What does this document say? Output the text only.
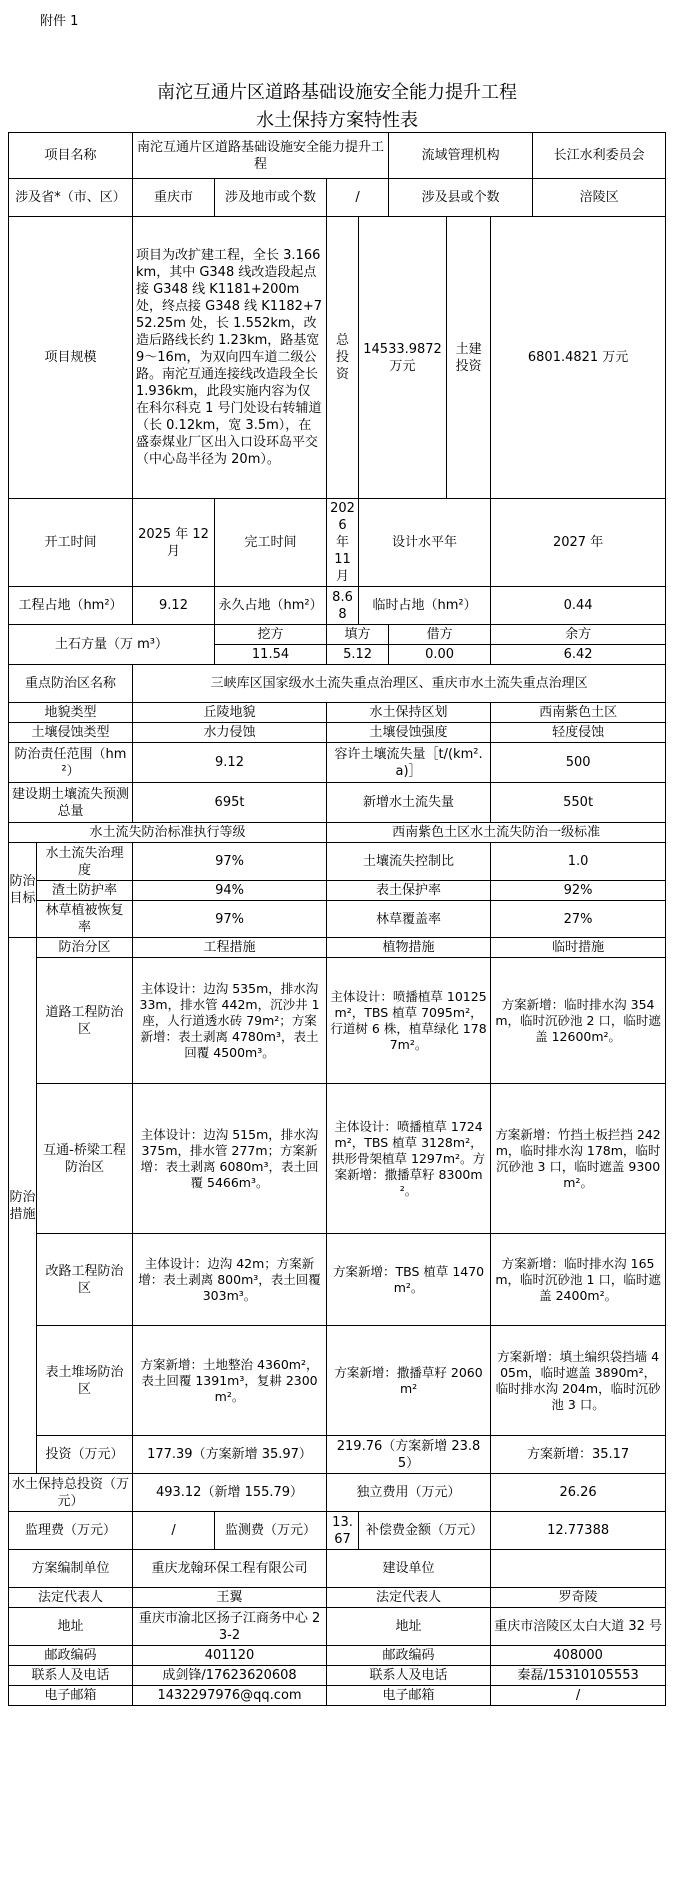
附件 1
南沱互通片区道路基础设施安全能力提升工程
水土保持方案特性表
项目名称		南沱互通片区道路基础设施安全能力提升工程				流域管理机构			长江水利委员会
涉及省*（市、区）		重庆市	涉及地市或个数	/		涉及县或个数			涪陵区
项目规模		项目为改扩建工程，全长 3.166km，其中 G348 线改造段起点接 G348 线 K1181+200m 处，终点接 G348 线 K1182+752.25m 处，长 1.552km，改造后路线长约 1.23km，路基宽 9～16m，为双向四车道二级公路。南沱互通连接线改造段全长 1.936km，此段实施内容为仅在科尔科克 1 号门处设右转辅道（长 0.12km，宽 3.5m），在盛泰煤业厂区出入口设环岛平交（中心岛半径为 20m）。		总投资	14533.9872 万元		土建投资	6801.4821 万元	
开工时间		2025 年 12 月	完工时间	2026 年 11 月	设计水平年			2027 年	
工程占地（hm²）		9.12	永久占地（hm²）	8.68	临时占地（hm²）			0.44	
土石方量（万 m³）			挖方	填方		借方		余方	
			11.54	5.12		0.00		6.42	
重点防治区名称		三峡库区国家级水土流失重点治理区、重庆市水土流失重点治理区							
地貌类型		丘陵地貌		水土保持区划				西南紫色土区	
土壤侵蚀类型		水力侵蚀		土壤侵蚀强度				轻度侵蚀	
防治责任范围（hm²）		9.12		容许土壤流失量［t/(km².a)］				500	
建设期土壤流失预测总量		695t		新增水土流失量				550t	
水土流失防治标准执行等级				西南紫色土区水土流失防治一级标准					
防治目标	水土流失治理度	97%		土壤流失控制比				1.0	
	渣土防护率	94%		表土保护率				92%	
	林草植被恢复率	97%		林草覆盖率				27%	
防治措施	防治分区	工程措施		植物措施				临时措施	
	道路工程防治区	主体设计：边沟 535m，排水沟 33m，排水管 442m，沉沙井 1 座，人行道透水砖 79m²；方案新增：表土剥离 4780m³，表土回覆 4500m³。		主体设计：喷播植草 10125m²，TBS 植草 7095m²，行道树 6 株，植草绿化 1787m²。				方案新增：临时排水沟 354m，临时沉砂池 2 口，临时遮盖 12600m²。	
	互通-桥梁工程防治区	主体设计：边沟 515m，排水沟 375m，排水管 277m；方案新增：表土剥离 6080m³，表土回覆 5466m³。		主体设计：喷播植草 1724m²，TBS 植草 3128m²，拱形骨架植草 1297m²。方案新增：撒播草籽 8300m²。				方案新增：竹挡土板拦挡 242m，临时排水沟 178m，临时沉砂池 3 口，临时遮盖 9300m²。	
	改路工程防治区	主体设计：边沟 42m；方案新增：表土剥离 800m³，表土回覆 303m³。		方案新增：TBS 植草 1470m²。				方案新增：临时排水沟 165m，临时沉砂池 1 口，临时遮盖 2400m²。	
	表土堆场防治区	方案新增：土地整治 4360m²，表土回覆 1391m³，复耕 2300m²。		方案新增：撒播草籽 2060m²				方案新增：填土编织袋挡墙 405m，临时遮盖 3890m²，临时排水沟 204m，临时沉砂池 3 口。	
	投资（万元）	177.39（方案新增 35.97）		219.76（方案新增 23.85）				方案新增：35.17	
水土保持总投资（万元）		493.12（新增 155.79）		独立费用（万元）				26.26	
监理费（万元）		/	监测费（万元）	13.67	补偿费金额（万元）			12.77388	
方案编制单位		重庆龙翰环保工程有限公司		建设单位					
法定代表人		王翼		法定代表人				罗奇陵	
地址		重庆市渝北区扬子江商务中心 23-2		地址				重庆市涪陵区太白大道 32 号	
邮政编码		401120		邮政编码				408000	
联系人及电话		成剑锋/17623620608		联系人及电话				秦磊/15310105553	
电子邮箱		1432297976@qq.com		电子邮箱				/	
